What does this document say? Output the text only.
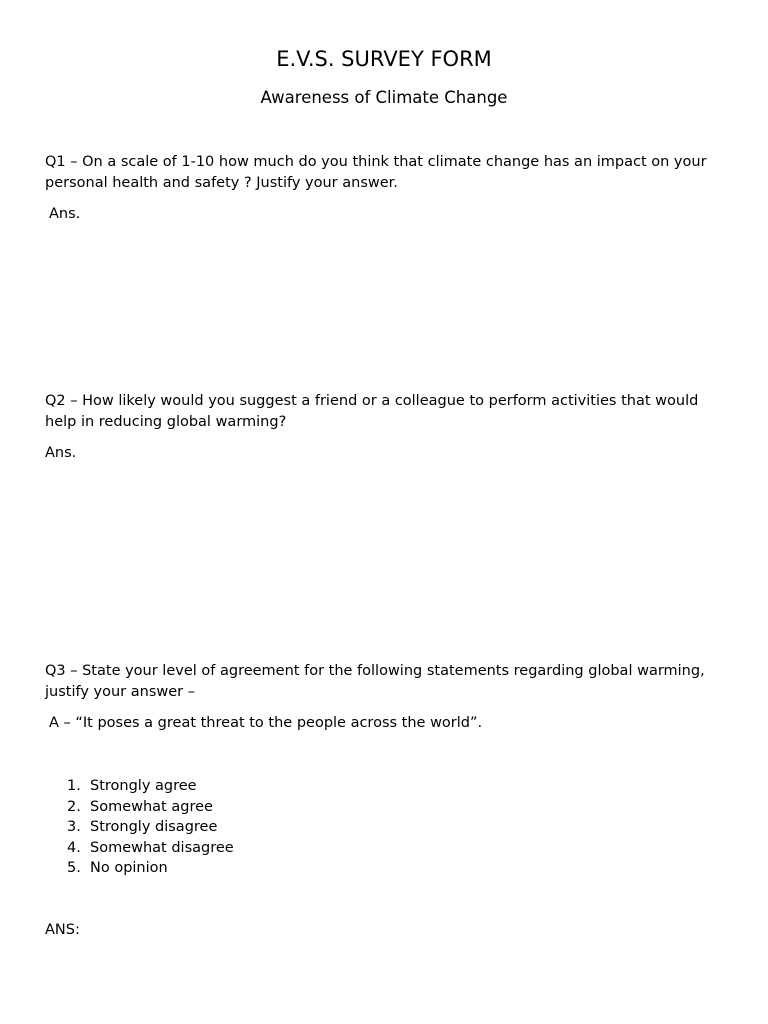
E.V.S. SURVEY FORM
Awareness of Climate Change

Q1 – On a scale of 1-10 how much do you think that climate change has an impact on your personal health and safety ? Justify your answer.

Ans.

Q2 – How likely would you suggest a friend or a colleague to perform activities that would help in reducing global warming?

Ans.

Q3 – State your level of agreement for the following statements regarding global warming, justify your answer –

A – “It poses a great threat to the people across the world”.

1. Strongly agree
2. Somewhat agree
3. Strongly disagree
4. Somewhat disagree
5. No opinion

ANS:
